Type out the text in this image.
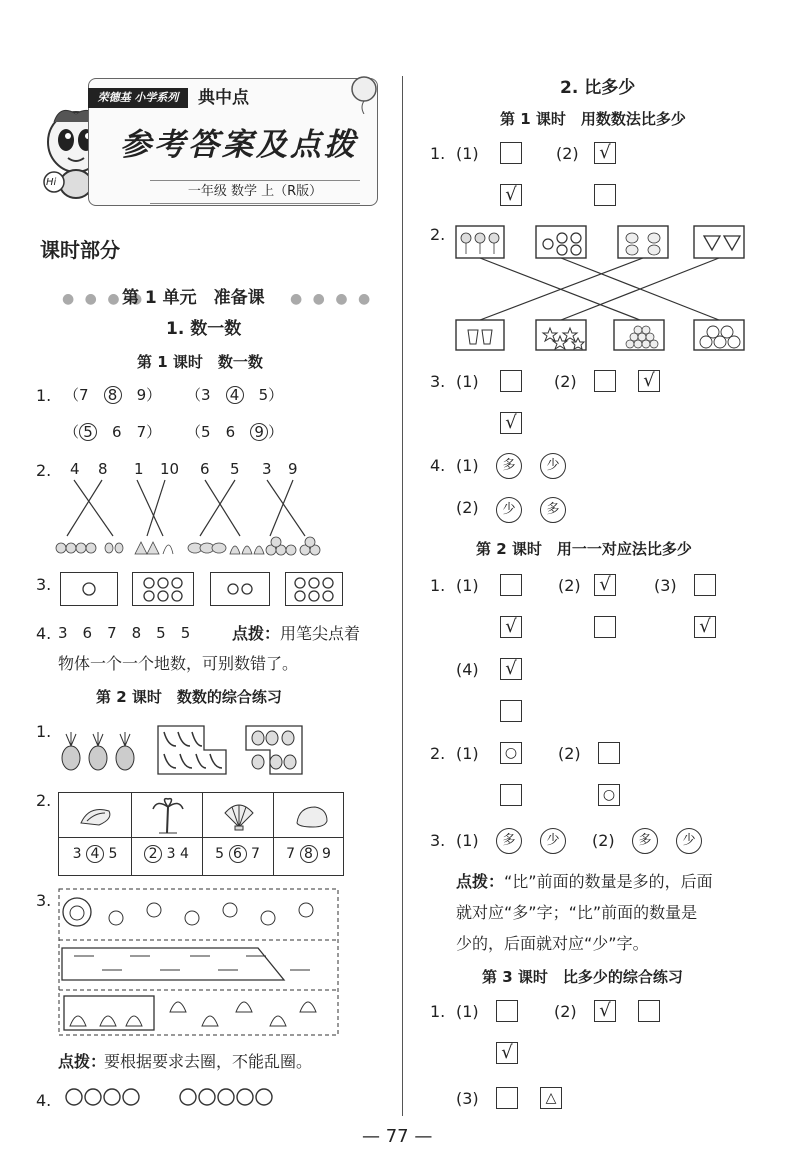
Hi
荣德基 小学系列	典中点
参考答案及点拨
一年级 数学 上（R版）
课时部分
● ● ● ●
第 1 单元　准备课 ● ● ● ●
1. 数一数
第 1 课时　数一数
1. （7　 8　 9） （3　 4　 5）
（ 5　 6　 7） （5　 6　 9 ）
2. 4 8 1 10 6 5 3 9
3.
4. 3　6　7　8　5　5	点拨： 用笔尖点着
物体一个一个地数，可别数错了。
第 2 课时　数数的综合练习
1.
2.
3 4 5	2 3 4	5 6 7	7 8 9
3.
点拨：
要根据要求去圈，不能乱圈。
4.
2. 比多少
第 1 课时　用数数法比多少
1. (1)	(2) √
√
2.
3. (1)	(2)	√
√
4. (1)	多	少
(2)	少	多
第 2 课时　用一一对应法比多少
1. (1)	(2) √	(3)
√	√
(4) √
2. (1)	○	(2)
○
3. (1)	多	少	(2)	多	少
点拨： “比”前面的数量是多的，后面
就对应“多”字；“比”前面的数量是
少的，后面就对应“少”字。
第 3 课时　比多少的综合练习
1. (1)	(2) √
√
(3)	△
— 77 —
